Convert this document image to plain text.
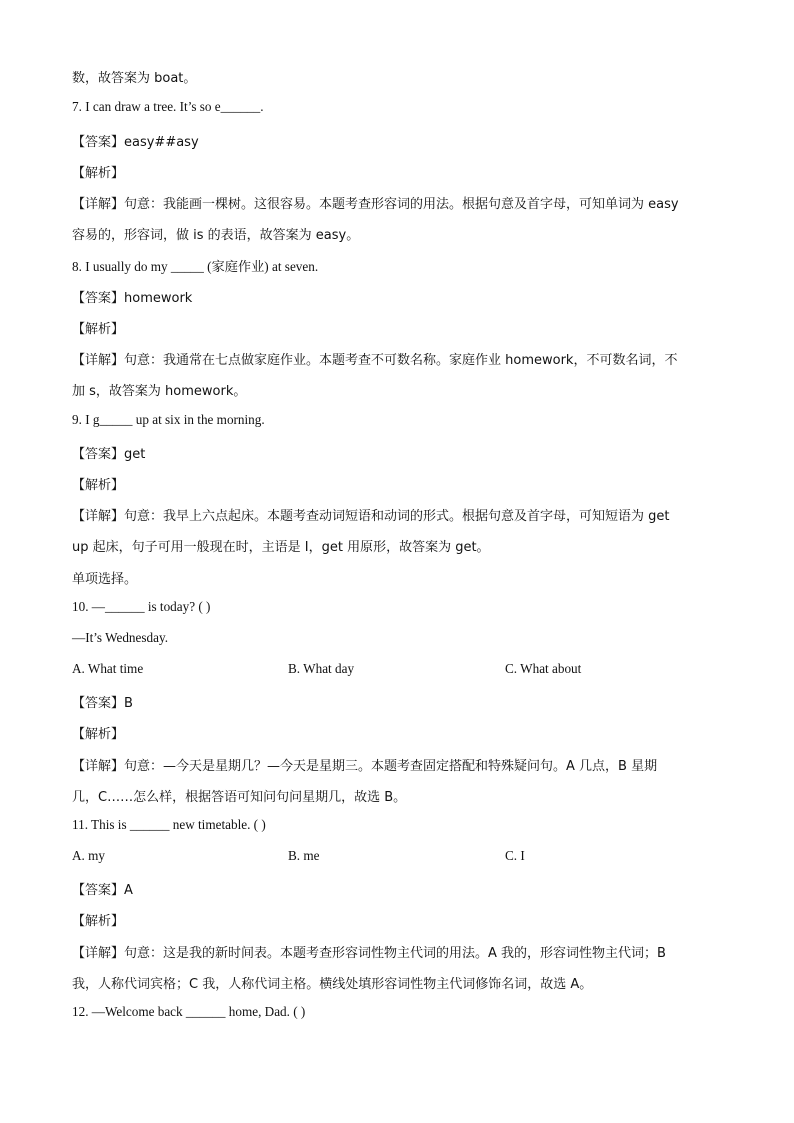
数，故答案为 boat。
7. I can draw a tree. It’s so e______.
【答案】easy##asy
【解析】
【详解】句意：我能画一棵树。这很容易。本题考查形容词的用法。根据句意及首字母，可知单词为 easy
容易的，形容词，做 is 的表语，故答案为 easy。
8. I usually do my _____ (家庭作业) at seven.
【答案】homework
【解析】
【详解】句意：我通常在七点做家庭作业。本题考查不可数名称。家庭作业 homework，不可数名词，不
加 s，故答案为 homework。
9. I g_____ up at six in the morning.
【答案】get
【解析】
【详解】句意：我早上六点起床。本题考查动词短语和动词的形式。根据句意及首字母，可知短语为 get
up 起床，句子可用一般现在时，主语是 I，get 用原形，故答案为 get。
单项选择。
10. —______ is today? ( )
—It’s Wednesday.
A. What time	B. What day	C. What about
【答案】B
【解析】
【详解】句意：—今天是星期几？—今天是星期三。本题考查固定搭配和特殊疑问句。A 几点，B 星期
几，C……怎么样，根据答语可知问句问星期几，故选 B。
11. This is ______ new timetable. ( )
A. my	B. me	C. I
【答案】A
【解析】
【详解】句意：这是我的新时间表。本题考查形容词性物主代词的用法。A 我的，形容词性物主代词；B
我，人称代词宾格；C 我，人称代词主格。横线处填形容词性物主代词修饰名词，故选 A。
12. —Welcome back ______ home, Dad. ( )
